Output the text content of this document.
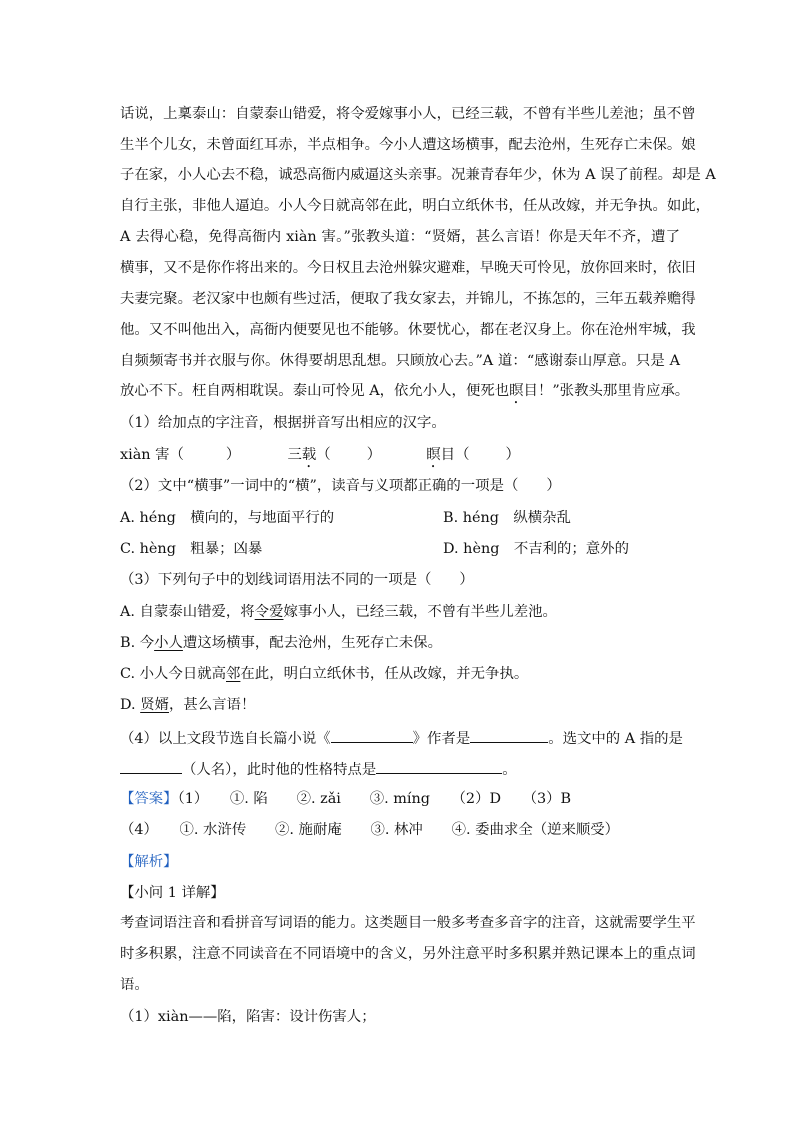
话说，上稟泰山：自蒙泰山错爱，将令爱嫁事小人，已经三载，不曾有半些儿差池；虽不曾
生半个儿女，未曾面红耳赤，半点相争。今小人遭这场横事，配去沧州，生死存亡未保。娘
子在家，小人心去不稳，诚恐高衙内威逼这头亲事。况兼青春年少，休为 A 误了前程。却是 A
自行主张，非他人逼迫。小人今日就高邻在此，明白立纸休书，任从改嫁，并无争执。如此，
A 去得心稳，免得高衙内 xiàn 害。”张教头道：“贤婿，甚么言语！你是天年不齐，遭了
横事，又不是你作将出来的。今日权且去沧州躲灾避难，早晚天可怜见，放你回来时，依旧
夫妻完聚。老汉家中也颇有些过活，便取了我女家去，并锦儿，不拣怎的，三年五载养赡得
他。又不叫他出入，高衙内便要见也不能够。休要忧心，都在老汉身上。你在沧州牢城，我
自频频寄书并衣服与你。休得要胡思乱想。只顾放心去。”A 道：“感谢泰山厚意。只是 A
放心不下。枉自两相耽误。泰山可怜见 A，依允小人，便死也瞑目！”张教头那里肯应承。
（1）给加点的字注音，根据拼音写出相应的汉字。
xiàn 害（	）	三载（	）	瞑目（	）
（2）文中“横事”一词中的“横”，读音与义项都正确的一项是（ ）
A. héng　横向的，与地面平行的	B. héng　纵横杂乱
C. hèng　粗暴；凶暴	D. hèng　不吉利的；意外的
（3）下列句子中的划线词语用法不同的一项是（ ）
A. 自蒙泰山错爱，将令爱嫁事小人，已经三载，不曾有半些儿差池。
B. 今小人遭这场横事，配去沧州，生死存亡未保。
C. 小人今日就高邻在此，明白立纸休书，任从改嫁，并无争执。
D. 贤婿，甚么言语！
（4）以上文段节选自长篇小说《	》作者是	。选文中的 A 指的是
（人名），此时他的性格特点是	。
【答案】（1）　　①. 陷　　②. zǎi　　③. míng　　（2）D　　（3）B
（4）　　①. 水浒传　　②. 施耐庵　　③. 林冲　　④. 委曲求全（逆来顺受）
【解析】
【小问 1 详解】
考查词语注音和看拼音写词语的能力。这类题目一般多考查多音字的注音，这就需要学生平
时多积累，注意不同读音在不同语境中的含义，另外注意平时多积累并熟记课本上的重点词
语。
（1）xiàn——陷，陷害：设计伤害人；
